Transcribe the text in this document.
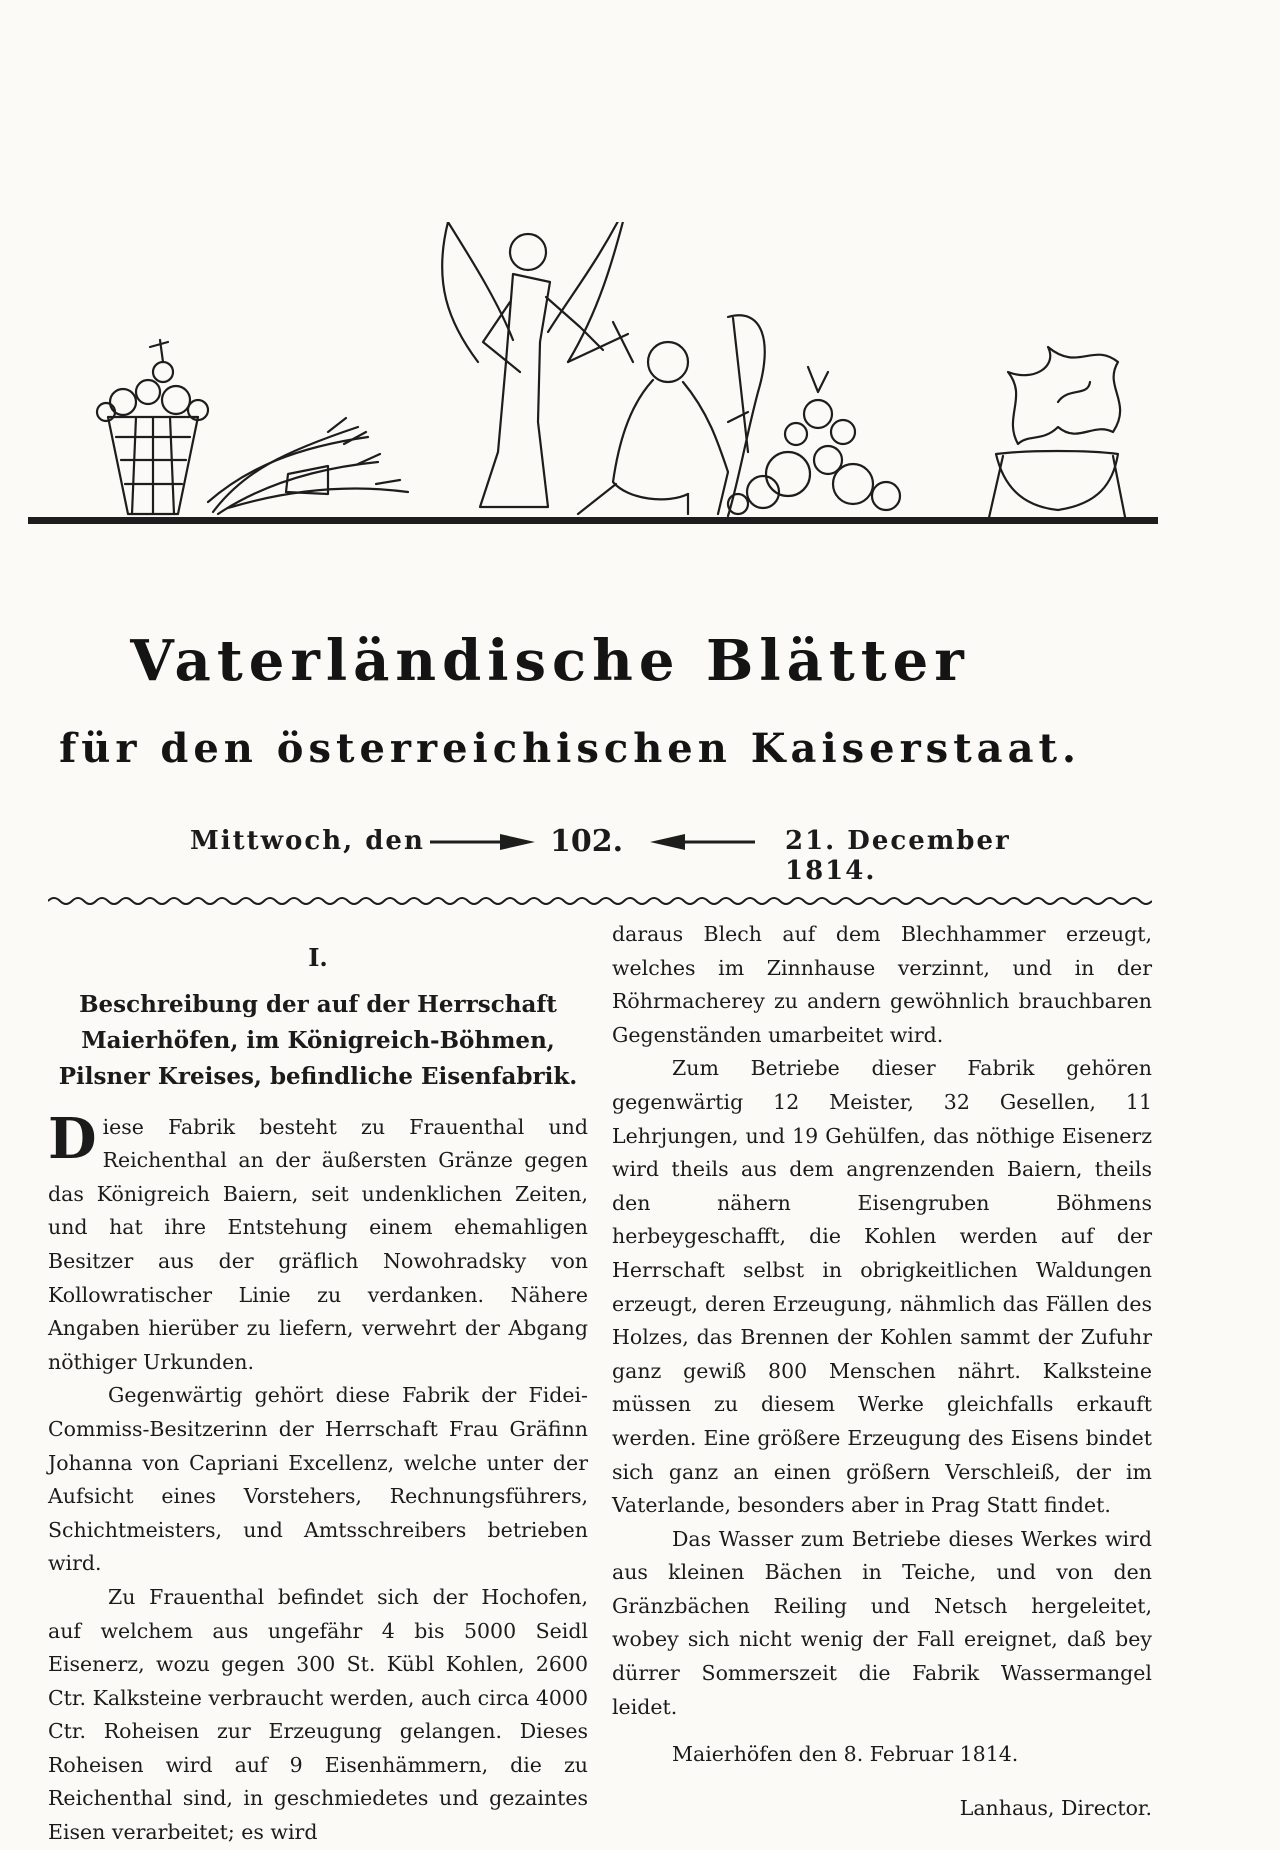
Vaterländische Blätter
für den österreichischen Kaiserstaat.
Mittwoch, den	102.	21. December 1814.

I.

Beschreibung der auf der Herrschaft Maierhöfen, im Königreich-Böhmen, Pilsner Kreises, befindliche Eisenfabrik.

Diese Fabrik besteht zu Frauenthal und Reichenthal an der äußersten Gränze gegen das Königreich Baiern, seit undenklichen Zeiten, und hat ihre Entstehung einem ehemahligen Besitzer aus der gräflich Nowohradsky von Kollowratischer Linie zu verdanken. Nähere Angaben hierüber zu liefern, verwehrt der Abgang nöthiger Urkunden.

Gegenwärtig gehört diese Fabrik der Fidei-Commiss-Besitzerinn der Herrschaft Frau Gräfinn Johanna von Capriani Excellenz, welche unter der Aufsicht eines Vorstehers, Rechnungsführers, Schichtmeisters, und Amtsschreibers betrieben wird.

Zu Frauenthal befindet sich der Hochofen, auf welchem aus ungefähr 4 bis 5000 Seidl Eisenerz, wozu gegen 300 St. Kübl Kohlen, 2600 Ctr. Kalksteine verbraucht werden, auch circa 4000 Ctr. Roheisen zur Erzeugung gelangen. Dieses Roheisen wird auf 9 Eisenhämmern, die zu Reichenthal sind, in geschmiedetes und gezaintes Eisen verarbeitet; es wird

daraus Blech auf dem Blechhammer erzeugt, welches im Zinnhause verzinnt, und in der Röhrmacherey zu andern gewöhnlich brauchbaren Gegenständen umarbeitet wird.

Zum Betriebe dieser Fabrik gehören gegenwärtig 12 Meister, 32 Gesellen, 11 Lehrjungen, und 19 Gehülfen, das nöthige Eisenerz wird theils aus dem angrenzenden Baiern, theils den nähern Eisengruben Böhmens herbeygeschafft, die Kohlen werden auf der Herrschaft selbst in obrigkeitlichen Waldungen erzeugt, deren Erzeugung, nähmlich das Fällen des Holzes, das Brennen der Kohlen sammt der Zufuhr ganz gewiß 800 Menschen nährt. Kalksteine müssen zu diesem Werke gleichfalls erkauft werden. Eine größere Erzeugung des Eisens bindet sich ganz an einen größern Verschleiß, der im Vaterlande, besonders aber in Prag Statt findet.

Das Wasser zum Betriebe dieses Werkes wird aus kleinen Bächen in Teiche, und von den Gränzbächen Reiling und Netsch hergeleitet, wobey sich nicht wenig der Fall ereignet, daß bey dürrer Sommerszeit die Fabrik Wassermangel leidet.

Maierhöfen den 8. Februar 1814.

Lanhaus, Director.
